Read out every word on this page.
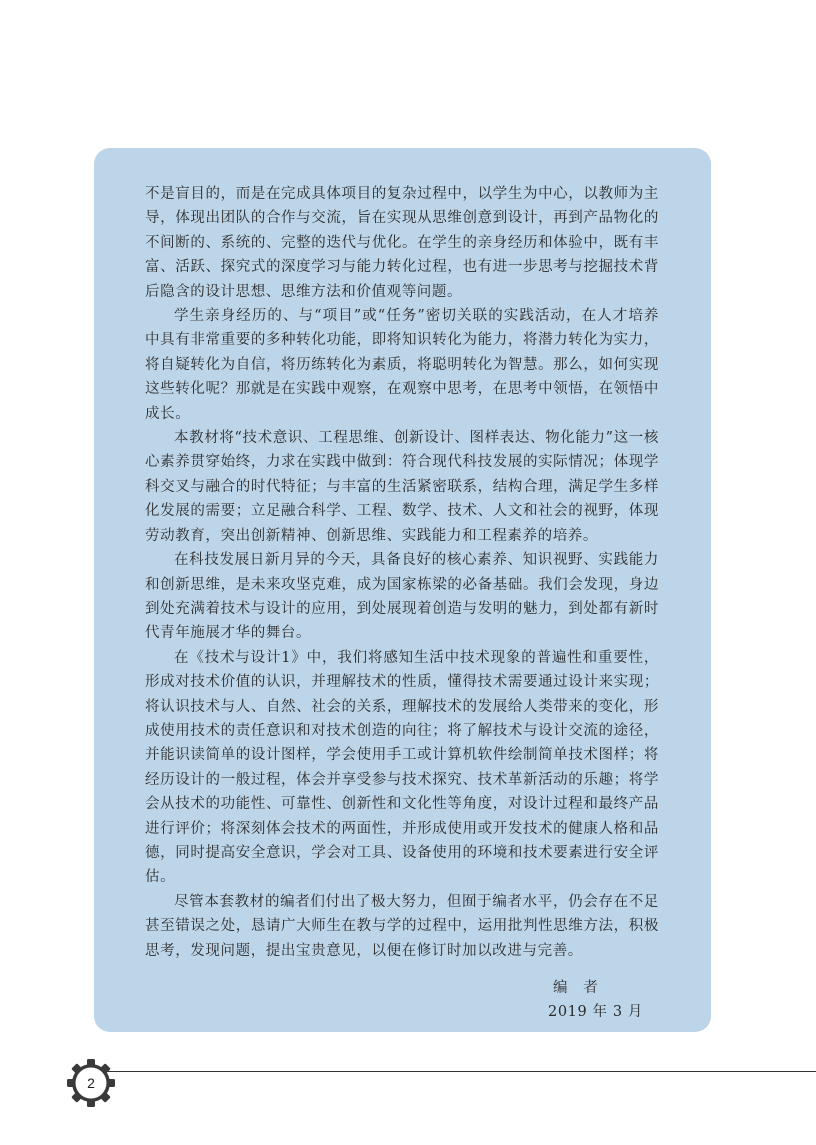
不是盲目的，而是在完成具体项目的复杂过程中，以学生为中心，以教师为主导，体现出团队的合作与交流，旨在实现从思维创意到设计，再到产品物化的不间断的、系统的、完整的迭代与优化。在学生的亲身经历和体验中，既有丰富、活跃、探究式的深度学习与能力转化过程，也有进一步思考与挖掘技术背后隐含的设计思想、思维方法和价值观等问题。

学生亲身经历的、与“项目”或“任务”密切关联的实践活动，在人才培养中具有非常重要的多种转化功能，即将知识转化为能力，将潜力转化为实力，将自疑转化为自信，将历练转化为素质，将聪明转化为智慧。那么，如何实现这些转化呢？那就是在实践中观察，在观察中思考，在思考中领悟，在领悟中成长。

本教材将“技术意识、工程思维、创新设计、图样表达、物化能力”这一核心素养贯穿始终，力求在实践中做到：符合现代科技发展的实际情况；体现学科交叉与融合的时代特征；与丰富的生活紧密联系，结构合理，满足学生多样化发展的需要；立足融合科学、工程、数学、技术、人文和社会的视野，体现劳动教育，突出创新精神、创新思维、实践能力和工程素养的培养。

在科技发展日新月异的今天，具备良好的核心素养、知识视野、实践能力和创新思维，是未来攻坚克难，成为国家栋梁的必备基础。我们会发现，身边到处充满着技术与设计的应用，到处展现着创造与发明的魅力，到处都有新时代青年施展才华的舞台。

在《技术与设计1》中，我们将感知生活中技术现象的普遍性和重要性，形成对技术价值的认识，并理解技术的性质，懂得技术需要通过设计来实现；将认识技术与人、自然、社会的关系，理解技术的发展给人类带来的变化，形成使用技术的责任意识和对技术创造的向往；将了解技术与设计交流的途径，并能识读简单的设计图样，学会使用手工或计算机软件绘制简单技术图样；将经历设计的一般过程，体会并享受参与技术探究、技术革新活动的乐趣；将学会从技术的功能性、可靠性、创新性和文化性等角度，对设计过程和最终产品进行评价；将深刻体会技术的两面性，并形成使用或开发技术的健康人格和品德，同时提高安全意识，学会对工具、设备使用的环境和技术要素进行安全评估。

尽管本套教材的编者们付出了极大努力，但囿于编者水平，仍会存在不足甚至错误之处，恳请广大师生在教与学的过程中，运用批判性思维方法，积极思考，发现问题，提出宝贵意见，以便在修订时加以改进与完善。

编　者
2019 年 3 月
2
